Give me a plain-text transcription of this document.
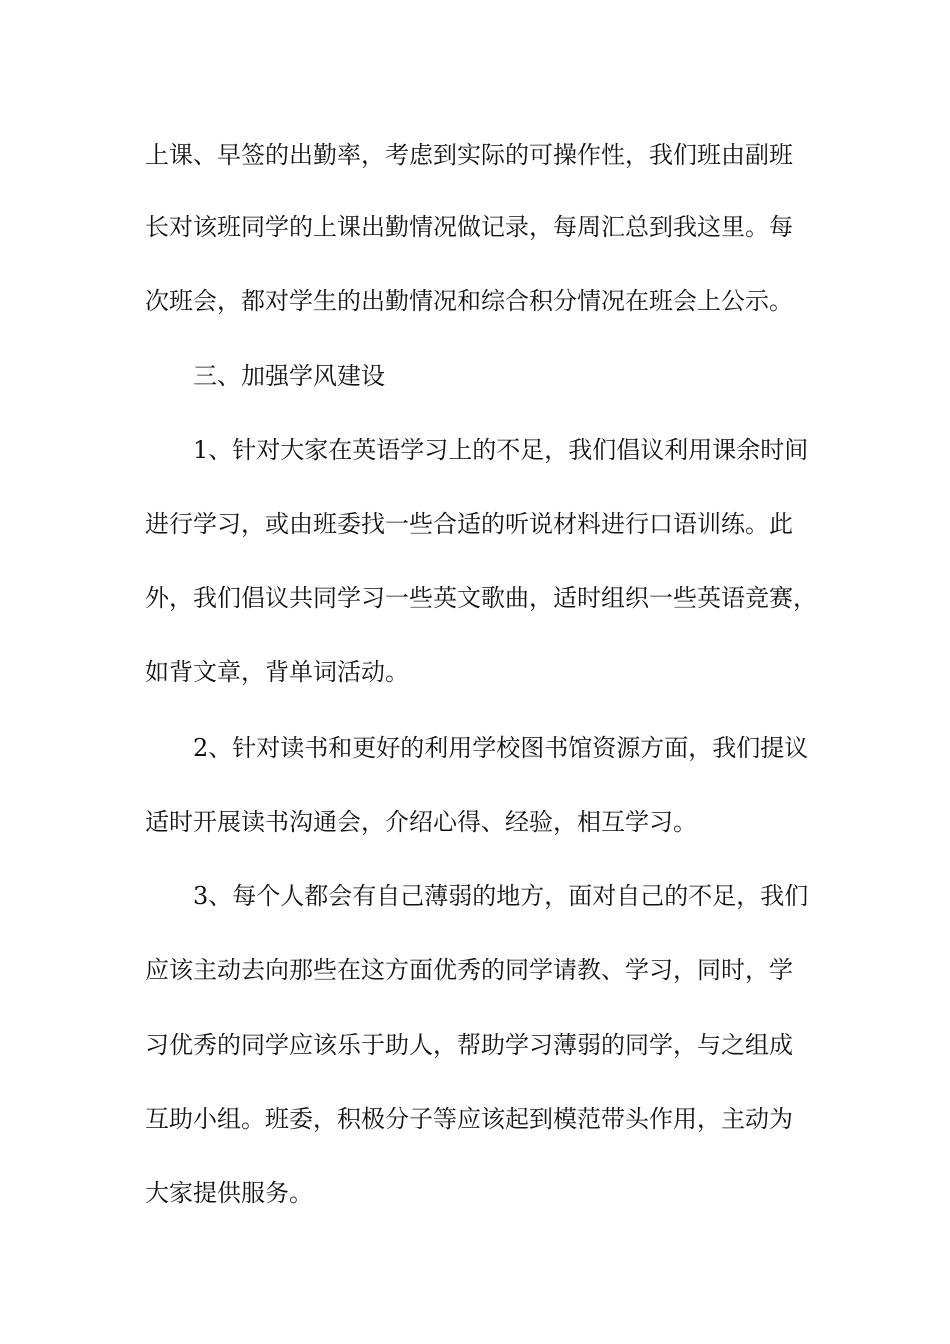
上课、早签的出勤率，考虑到实际的可操作性，我们班由副班
长对该班同学的上课出勤情况做记录，每周汇总到我这里。每
次班会，都对学生的出勤情况和综合积分情况在班会上公示。
三、加强学风建设
1、针对大家在英语学习上的不足，我们倡议利用课余时间
进行学习，或由班委找一些合适的听说材料进行口语训练。此
外，我们倡议共同学习一些英文歌曲，适时组织一些英语竞赛，
如背文章，背单词活动。
2、针对读书和更好的利用学校图书馆资源方面，我们提议
适时开展读书沟通会，介绍心得、经验，相互学习。
3、每个人都会有自己薄弱的地方，面对自己的不足，我们
应该主动去向那些在这方面优秀的同学请教、学习，同时，学
习优秀的同学应该乐于助人，帮助学习薄弱的同学，与之组成
互助小组。班委，积极分子等应该起到模范带头作用，主动为
大家提供服务。
